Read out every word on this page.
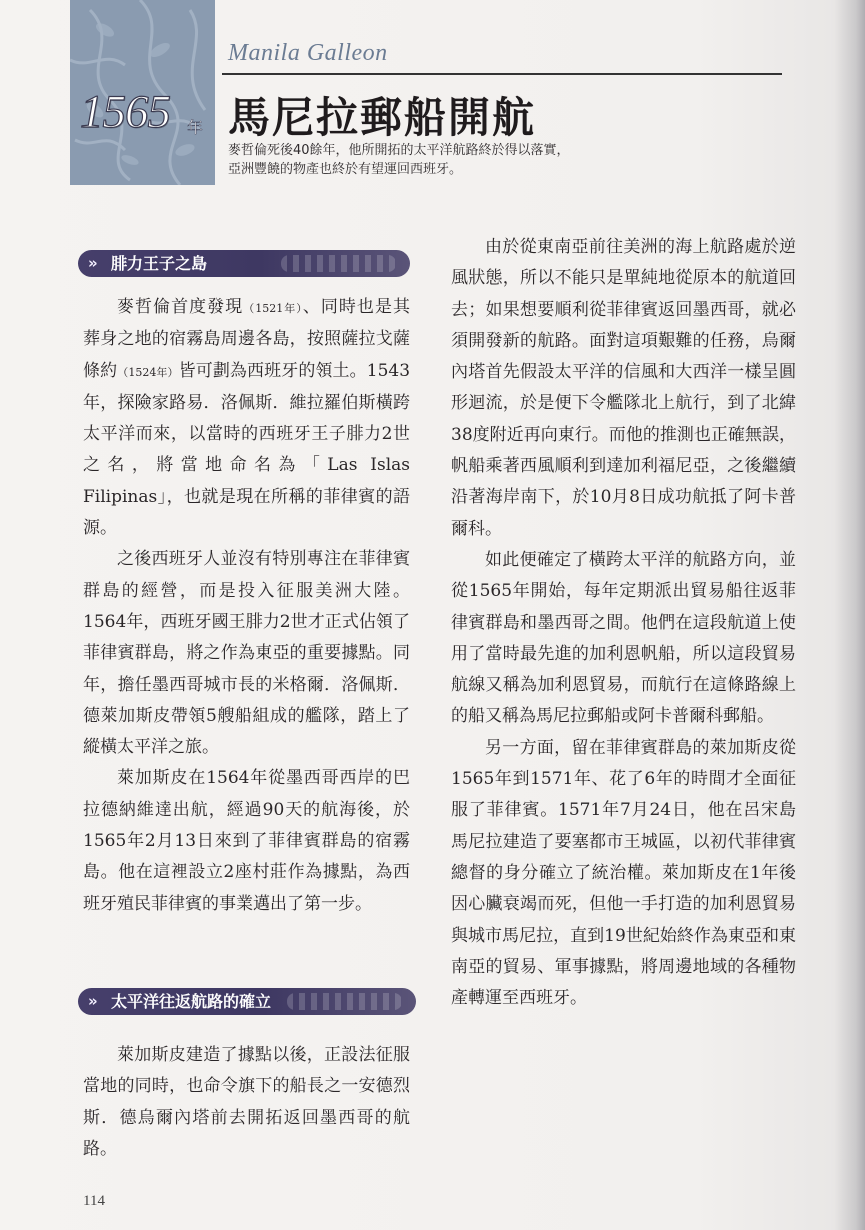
Manila Galleon
1565 年 馬尼拉郵船開航
麥哲倫死後40餘年，他所開拓的太平洋航路終於得以落實，
亞洲豐饒的物產也終於有望運回西班牙。
» 腓力王子之島

麥哲倫首度發現（1521年）、同時也是其葬身之地的宿霧島周邊各島，按照薩拉戈薩條約（1524年）皆可劃為西班牙的領土。1543年，探險家路易．洛佩斯．維拉羅伯斯橫跨太平洋而來，以當時的西班牙王子腓力2世之名，將當地命名為「Las Islas Filipinas」，也就是現在所稱的菲律賓的語源。

之後西班牙人並沒有特別專注在菲律賓群島的經營，而是投入征服美洲大陸。1564年，西班牙國王腓力2世才正式佔領了菲律賓群島，將之作為東亞的重要據點。同年，擔任墨西哥城市長的米格爾．洛佩斯．德萊加斯皮帶領5艘船組成的艦隊，踏上了縱橫太平洋之旅。

萊加斯皮在1564年從墨西哥西岸的巴拉德納維達出航，經過90天的航海後，於1565年2月13日來到了菲律賓群島的宿霧島。他在這裡設立2座村莊作為據點，為西班牙殖民菲律賓的事業邁出了第一步。

» 太平洋往返航路的確立

萊加斯皮建造了據點以後，正設法征服當地的同時，也命令旗下的船長之一安德烈斯．德烏爾內塔前去開拓返回墨西哥的航路。

由於從東南亞前往美洲的海上航路處於逆風狀態，所以不能只是單純地從原本的航道回去；如果想要順利從菲律賓返回墨西哥，就必須開發新的航路。面對這項艱難的任務，烏爾內塔首先假設太平洋的信風和大西洋一樣呈圓形迴流，於是便下令艦隊北上航行，到了北緯38度附近再向東行。而他的推測也正確無誤，帆船乘著西風順利到達加利福尼亞，之後繼續沿著海岸南下，於10月8日成功航抵了阿卡普爾科。

如此便確定了橫跨太平洋的航路方向，並從1565年開始，每年定期派出貿易船往返菲律賓群島和墨西哥之間。他們在這段航道上使用了當時最先進的加利恩帆船，所以這段貿易航線又稱為加利恩貿易，而航行在這條路線上的船又稱為馬尼拉郵船或阿卡普爾科郵船。

另一方面，留在菲律賓群島的萊加斯皮從1565年到1571年、花了6年的時間才全面征服了菲律賓。1571年7月24日，他在呂宋島馬尼拉建造了要塞都市王城區，以初代菲律賓總督的身分確立了統治權。萊加斯皮在1年後因心臟衰竭而死，但他一手打造的加利恩貿易與城市馬尼拉，直到19世紀始終作為東亞和東南亞的貿易、軍事據點，將周邊地域的各種物產轉運至西班牙。

114
